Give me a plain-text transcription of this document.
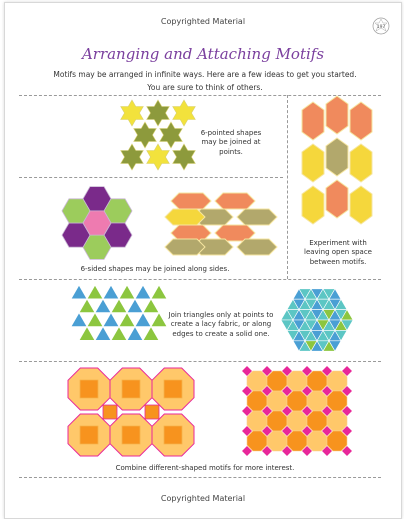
Copyrighted Material
197
Arranging and Attaching Motifs
Motifs may be arranged in infinite ways. Here are a few ideas to get you started.
You are sure to think of others.
6-pointed shapes
may be joined at
points.
Experiment with
leaving open space
between motifs.
6-sided shapes may be joined along sides.
Join triangles only at points to
create a lacy fabric, or along
edges to create a solid one.
Combine different-shaped motifs for more interest.
Copyrighted Material
